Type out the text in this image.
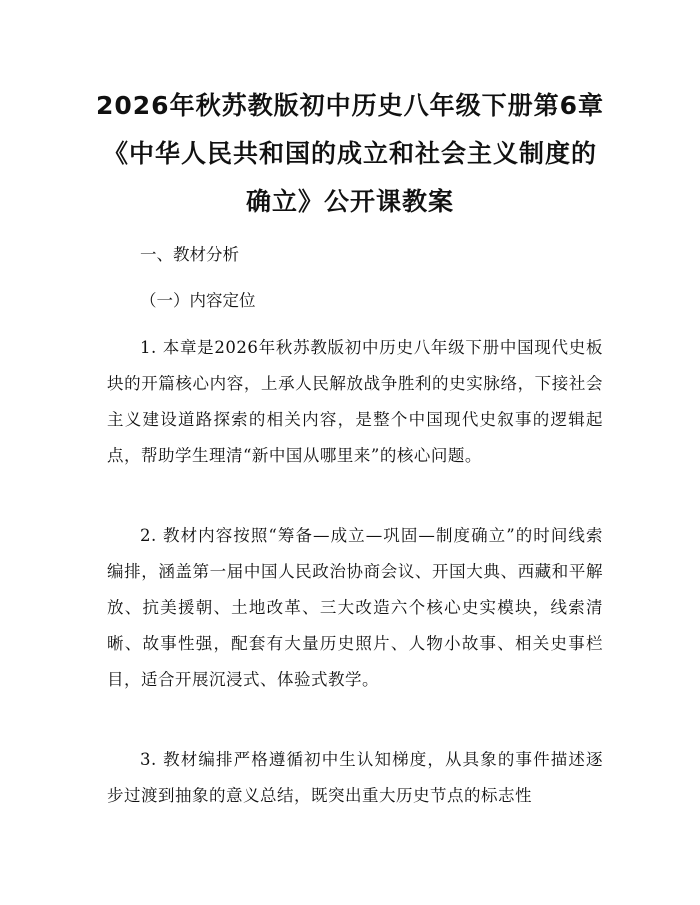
2026年秋苏教版初中历史八年级下册第6章
《中华人民共和国的成立和社会主义制度的
确立》公开课教案
一、教材分析
（一）内容定位
1. 本章是2026年秋苏教版初中历史八年级下册中国现代史板块的开篇核心内容，上承人民解放战争胜利的史实脉络，下接社会主义建设道路探索的相关内容，是整个中国现代史叙事的逻辑起点，帮助学生理清“新中国从哪里来”的核心问题。
2. 教材内容按照“筹备—成立—巩固—制度确立”的时间线索编排，涵盖第一届中国人民政治协商会议、开国大典、西藏和平解放、抗美援朝、土地改革、三大改造六个核心史实模块，线索清晰、故事性强，配套有大量历史照片、人物小故事、相关史事栏目，适合开展沉浸式、体验式教学。
3. 教材编排严格遵循初中生认知梯度，从具象的事件描述逐步过渡到抽象的意义总结，既突出重大历史节点的标志性
